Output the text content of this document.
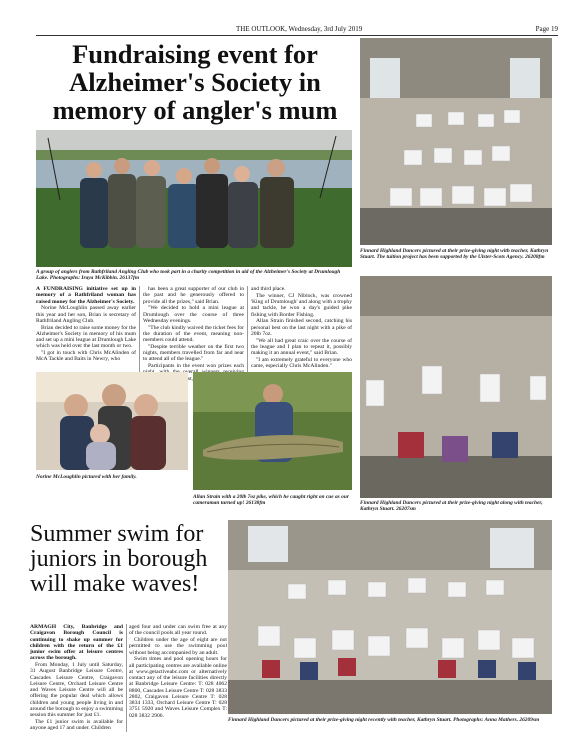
THE OUTLOOK, Wednesday, 3rd July 2019	Page 19
Fundraising event for Alzheimer's Society in memory of angler's mum
A group of anglers from Rathfriland Angling Club who took part in a charity competition in aid of the Alzheimer's Society at Drumlough Lake. Photographs: Iraya McKibbin. 26137fm

A FUNDRAISING initiative set up in memory of a Rathfriland woman has raised money for the Alzheimer's Society.

Norine McLoughlin passed away earlier this year and her son, Brian is secretary of Rathfriland Angling Club.

Brian decided to raise some money for the Alzheimer's Society in memory of his mum and set up a mini league at Drumlough Lake which was held over the last month or two.

"I got in touch with Chris McAlinden of McA Tackle and Baits in Newry, who

has been a great supporter of our club in the past and he generously offered to provide all the prizes," said Brian.

"We decided to hold a mini league at Drumlough over the course of three Wednesday evenings.

"The club kindly waived the ticket fees for the duration of the event, meaning non-members could attend.

"Despite terrible weather on the first two nights, members travelled from far and near to attend all of the league."

Participants in the event won prizes each overall

and third place.

The winner, CJ Niblock, was crowned 'King of Drumlough' and along with a trophy and tackle, he won a day's guided pike fishing with Border Fishing.

Allan Strain finished second, catching his personal best on the last night with a pike of 20lb 7oz.

"We all had great craic over the course of the league and I plan to repeat it, possibly making it an annual event," said Brian.

"I am extremely grateful to everyone who came, especially Chris McAlinden."

Norine McLoughlin pictured with her family.
Allan Strain with a 20lb 7oz pike, which he caught right on cue as our cameraman turned up! 26138fm
Finnard Highland Dancers pictured at their prize-giving night with teacher, Kathryn Stuart. The tuition project has been supported by the Ulster-Scots Agency. 26208fm
Finnard Highland Dancers pictured at their prize-giving night along with teacher, Kathryn Stuart. 26207sm
Summer swim for juniors in borough will make waves!

ARMAGH City, Banbridge and Craigavon Borough Council is continuing to shake up summer for children with the return of the £1 junior swim offer at leisure centres across the borough.

From Monday, 1 July until Saturday, 31 August Banbridge Leisure Centre, Cascades Leisure Centre, Craigavon Leisure Centre, Orchard Leisure Centre and Waves Leisure Centre will all be offering the popular deal which allows children and young people living in and around the borough to enjoy a swimming session this summer for just £1.

The £1 junior swim is available for anyone aged 17 and under. Children

aged four and under can swim free at any of the council pools all year round.

Children under the age of eight are not permitted to use the swimming pool without being accompanied by an adult.

Swim times and pool opening hours for all participating centres are available online at www.getactiveabc.com or alternatively contact any of the leisure facilities directly at Banbridge Leisure Centre: T: 028 4062 8800, Cascades Leisure Centre T: 028 3833 2802, Craigavon Leisure Centre T: 028 3834 1333, Orchard Leisure Centre T: 028 3751 5920 and Waves Leisure Complex T: 028 3832 2906.

Finnard Highland Dancers pictured at their prize-giving night recently with teacher, Kathryn Stuart. Photographs: Anna Mathers. 26209sm
